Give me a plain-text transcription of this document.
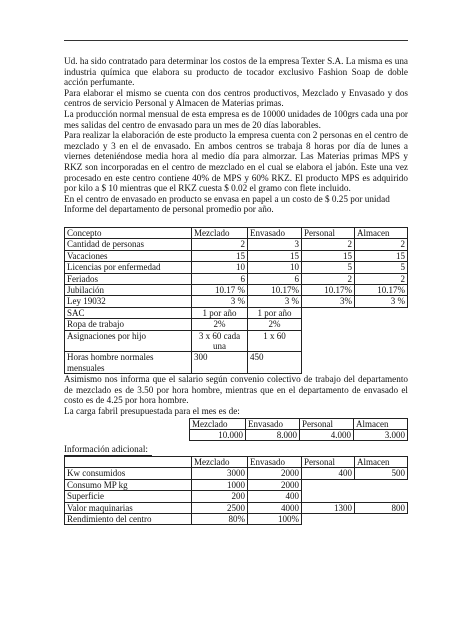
Ud. ha sido contratado para determinar los costos de la empresa Texter S.A. La misma es una industria química que elabora su producto de tocador exclusivo Fashion Soap de doble acción perfumante.

Para elaborar el mismo se cuenta con dos centros productivos, Mezclado y Envasado y dos centros de servicio Personal y Almacen de Materias primas.

La producción normal mensual de esta empresa es de 10000 unidades de 100grs cada una por mes salidas del centro de envasado para un mes de 20 días laborables.

Para realizar la elaboración de este producto la empresa cuenta con 2 personas en el centro de mezclado y 3 en el de envasado. En ambos centros se trabaja 8 horas por día de lunes a viernes deteniéndose media hora al medio día para almorzar. Las Materias primas MPS y RKZ son incorporadas en el centro de mezclado en el cual se elabora el jabón. Este una vez procesado en este centro contiene 40% de MPS y 60% RKZ. El producto MPS es adquirido por kilo a $ 10 mientras que el RKZ cuesta $ 0.02 el gramo con flete incluido.

En el centro de envasado en producto se envasa en papel a un costo de $ 0.25 por unidad

Informe del departamento de personal promedio por año.

Concepto	Mezclado	Envasado	Personal	Almacen
Cantidad de personas	2	3	2	2
Vacaciones	15	15	15	15
Licencias por enfermedad	10	10	5	5
Feriados	6	6	2	2
Jubilación	10.17 %	10.17%	10.17%	10.17%
Ley 19032	3 %	3 %	3%	3 %
SAC	1 por año	1 por año		
Ropa de trabajo	2%	2%		
Asignaciones por hijo	3 x 60 cada una	1 x 60		
Horas hombre normales mensuales	300	450		

Asimismo nos informa que el salario según convenio colectivo de trabajo del departamento de mezclado es de 3.50 por hora hombre, mientras que en el departamento de envasado el costo es de 4.25 por hora hombre.

La carga fabril presupuestada para el mes es de:

Mezclado	Envasado	Personal	Almacen
10.000	8.000	4.000	3.000

Información adicional:

	Mezclado	Envasado	Personal	Almacen
Kw consumidos	3000	2000	400	500
Consumo MP kg	1000	2000		
Superficie	200	400		
Valor maquinarias	2500	4000	1300	800
Rendimiento del centro	80%	100%		
